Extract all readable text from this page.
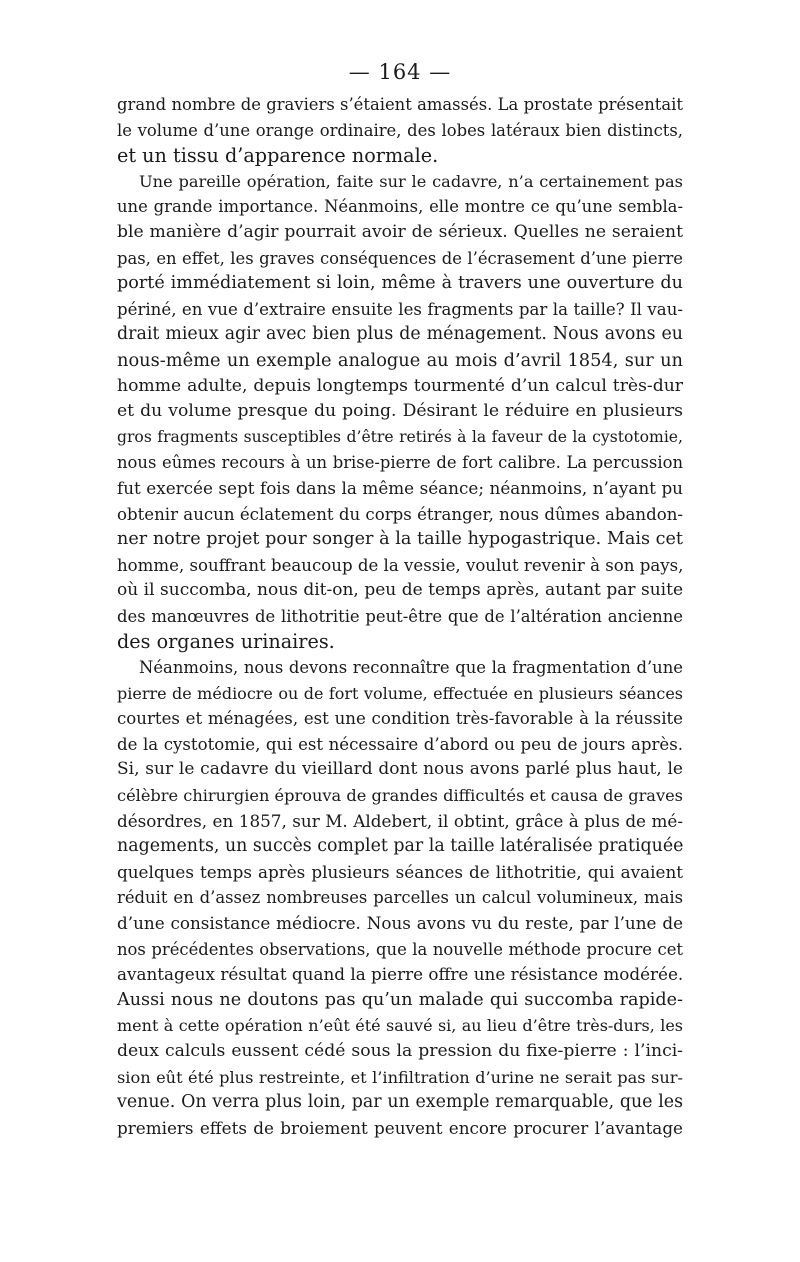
— 164 —
grand nombre de graviers s’étaient amassés. La prostate présentait
le volume d’une orange ordinaire, des lobes latéraux bien distincts,
et un tissu d’apparence normale.
Une pareille opération, faite sur le cadavre, n’a certainement pas
une grande importance. Néanmoins, elle montre ce qu’une sembla-
ble manière d’agir pourrait avoir de sérieux. Quelles ne seraient
pas, en effet, les graves conséquences de l’écrasement d’une pierre
porté immédiatement si loin, même à travers une ouverture du
périné, en vue d’extraire ensuite les fragments par la taille? Il vau-
drait mieux agir avec bien plus de ménagement. Nous avons eu
nous-même un exemple analogue au mois d’avril 1854, sur un
homme adulte, depuis longtemps tourmenté d’un calcul très-dur
et du volume presque du poing. Désirant le réduire en plusieurs
gros fragments susceptibles d’être retirés à la faveur de la cystotomie,
nous eûmes recours à un brise-pierre de fort calibre. La percussion
fut exercée sept fois dans la même séance; néanmoins, n’ayant pu
obtenir aucun éclatement du corps étranger, nous dûmes abandon-
ner notre projet pour songer à la taille hypogastrique. Mais cet
homme, souffrant beaucoup de la vessie, voulut revenir à son pays,
où il succomba, nous dit-on, peu de temps après, autant par suite
des manœuvres de lithotritie peut-être que de l’altération ancienne
des organes urinaires.
Néanmoins, nous devons reconnaître que la fragmentation d’une
pierre de médiocre ou de fort volume, effectuée en plusieurs séances
courtes et ménagées, est une condition très-favorable à la réussite
de la cystotomie, qui est nécessaire d’abord ou peu de jours après.
Si, sur le cadavre du vieillard dont nous avons parlé plus haut, le
célèbre chirurgien éprouva de grandes difficultés et causa de graves
désordres, en 1857, sur M. Aldebert, il obtint, grâce à plus de mé-
nagements, un succès complet par la taille latéralisée pratiquée
quelques temps après plusieurs séances de lithotritie, qui avaient
réduit en d’assez nombreuses parcelles un calcul volumineux, mais
d’une consistance médiocre. Nous avons vu du reste, par l’une de
nos précédentes observations, que la nouvelle méthode procure cet
avantageux résultat quand la pierre offre une résistance modérée.
Aussi nous ne doutons pas qu’un malade qui succomba rapide-
ment à cette opération n’eût été sauvé si, au lieu d’être très-durs, les
deux calculs eussent cédé sous la pression du fixe-pierre : l’inci-
sion eût été plus restreinte, et l’infiltration d’urine ne serait pas sur-
venue. On verra plus loin, par un exemple remarquable, que les
premiers effets de broiement peuvent encore procurer l’avantage
